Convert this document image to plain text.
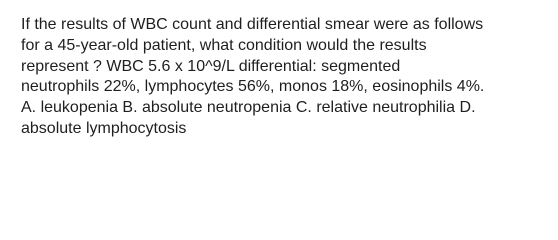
If the results of WBC count and differential smear were as follows
for a 45-year-old patient, what condition would the results
represent ? WBC 5.6 x 10^9/L differential: segmented
neutrophils 22%, lymphocytes 56%, monos 18%, eosinophils 4%.
A. leukopenia B. absolute neutropenia C. relative neutrophilia D.
absolute lymphocytosis
